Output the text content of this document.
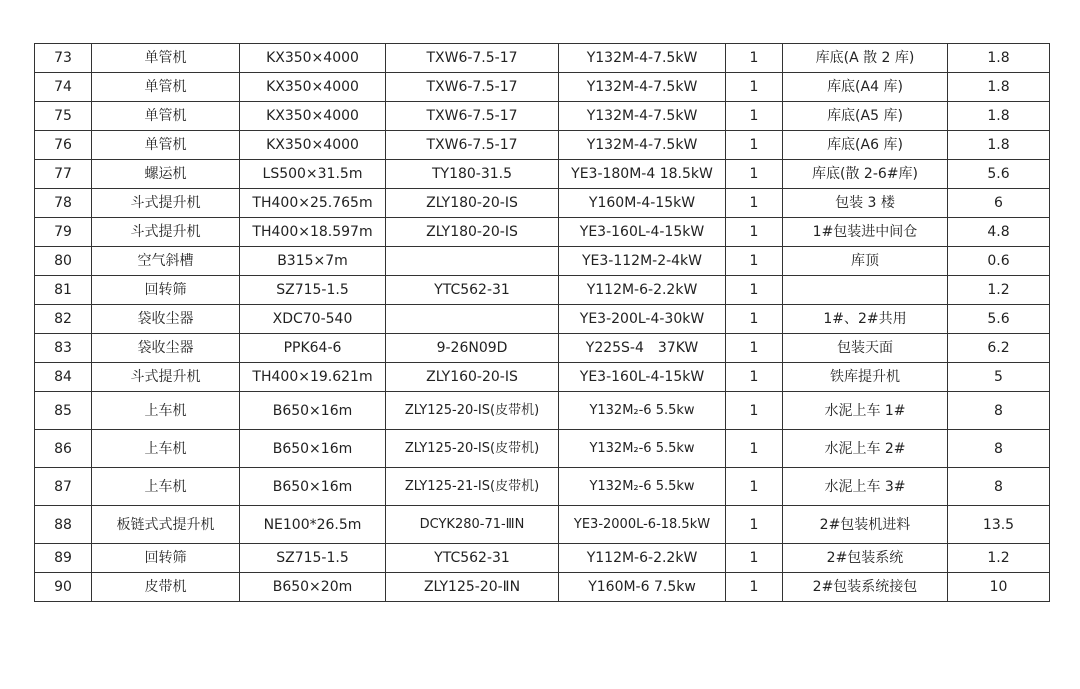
73	单管机	KX350×4000	TXW6-7.5-17	Y132M-4-7.5kW	1	库底(A 散 2 库)	1.8
74	单管机	KX350×4000	TXW6-7.5-17	Y132M-4-7.5kW	1	库底(A4 库)	1.8
75	单管机	KX350×4000	TXW6-7.5-17	Y132M-4-7.5kW	1	库底(A5 库)	1.8
76	单管机	KX350×4000	TXW6-7.5-17	Y132M-4-7.5kW	1	库底(A6 库)	1.8
77	螺运机	LS500×31.5m	TY180-31.5	YE3-180M-4 18.5kW	1	库底(散 2-6#库)	5.6
78	斗式提升机	TH400×25.765m	ZLY180-20-ⅠS	Y160M-4-15kW	1	包装 3 楼	6
79	斗式提升机	TH400×18.597m	ZLY180-20-ⅠS	YE3-160L-4-15kW	1	1#包装进中间仓	4.8
80	空气斜槽	B315×7m		YE3-112M-2-4kW	1	库顶	0.6
81	回转筛	SZ715-1.5	YTC562-31	Y112M-6-2.2kW	1		1.2
82	袋收尘器	XDC70-540		YE3-200L-4-30kW	1	1#、2#共用	5.6
83	袋收尘器	PPK64-6	9-26N09D	Y225S-4　37KW	1	包装天面	6.2
84	斗式提升机	TH400×19.621m	ZLY160-20-ⅠS	YE3-160L-4-15kW	1	铁库提升机	5
85	上车机	B650×16m	ZLY125-20-ⅠS(皮带机)	Y132M₂-6 5.5kw	1	水泥上车 1#	8
86	上车机	B650×16m	ZLY125-20-ⅠS(皮带机)	Y132M₂-6 5.5kw	1	水泥上车 2#	8
87	上车机	B650×16m	ZLY125-21-ⅠS(皮带机)	Y132M₂-6 5.5kw	1	水泥上车 3#	8
88	板链式式提升机	NE100*26.5m	DCYK280-71-ⅢN	YE3-2000L-6-18.5kW	1	2#包装机进料	13.5
89	回转筛	SZ715-1.5	YTC562-31	Y112M-6-2.2kW	1	2#包装系统	1.2
90	皮带机	B650×20m	ZLY125-20-ⅡN	Y160M-6 7.5kw	1	2#包装系统接包	10
